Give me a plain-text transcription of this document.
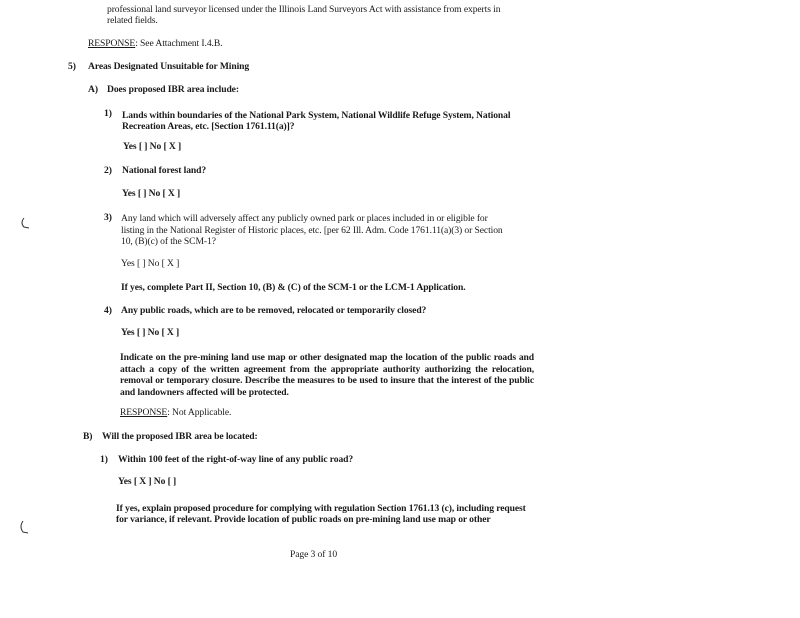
professional land surveyor licensed under the Illinois Land Surveyors Act with assistance from experts in
related fields.
RESPONSE: See Attachment I.4.B.
5) Areas Designated Unsuitable for Mining
A) Does proposed IBR area include:
1) Lands within boundaries of the National Park System, National Wildlife Refuge System, National
Recreation Areas, etc. [Section 1761.11(a)]?
Yes [ ] No [ X ]
2) National forest land?
Yes [ ] No [ X ]
3) Any land which will adversely affect any publicly owned park or places included in or eligible for
listing in the National Register of Historic places, etc. [per 62 Ill. Adm. Code 1761.11(a)(3) or Section
10, (B)(c) of the SCM-1?
Yes [ ] No [ X ]
If yes, complete Part II, Section 10, (B) & (C) of the SCM-1 or the LCM-1 Application.
4) Any public roads, which are to be removed, relocated or temporarily closed?
Yes [ ] No [ X ]
Indicate on the pre-mining land use map or other designated map the location of the public roads and attach a copy of the written agreement from the appropriate authority authorizing the relocation, removal or temporary closure. Describe the measures to be used to insure that the interest of the public and landowners affected will be protected.
RESPONSE: Not Applicable.
B) Will the proposed IBR area be located:
1) Within 100 feet of the right-of-way line of any public road?
Yes [ X ] No [ ]
If yes, explain proposed procedure for complying with regulation Section 1761.13 (c), including request
for variance, if relevant. Provide location of public roads on pre-mining land use map or other
Page 3 of 10
